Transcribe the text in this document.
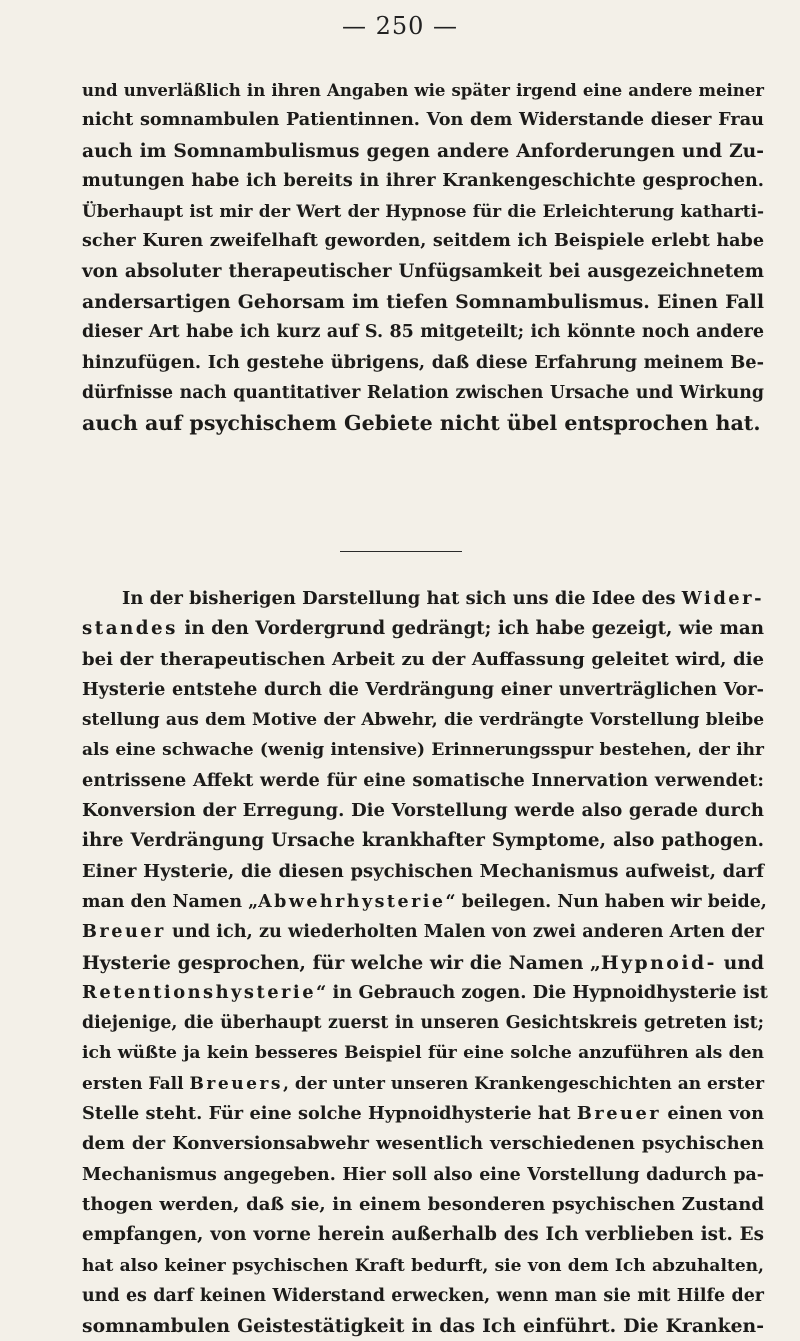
— 250 —
und unverläßlich in ihren Angaben wie später irgend eine andere meiner
nicht somnambulen Patientinnen. Von dem Widerstande dieser Frau
auch im Somnambulismus gegen andere Anforderungen und Zu-
mutungen habe ich bereits in ihrer Krankengeschichte gesprochen.
Überhaupt ist mir der Wert der Hypnose für die Erleichterung katharti-
scher Kuren zweifelhaft geworden, seitdem ich Beispiele erlebt habe
von absoluter therapeutischer Unfügsamkeit bei ausgezeichnetem
andersartigen Gehorsam im tiefen Somnambulismus. Einen Fall
dieser Art habe ich kurz auf S. 85 mitgeteilt; ich könnte noch andere
hinzufügen. Ich gestehe übrigens, daß diese Erfahrung meinem Be-
dürfnisse nach quantitativer Relation zwischen Ursache und Wirkung
auch auf psychischem Gebiete nicht übel entsprochen hat.
In der bisherigen Darstellung hat sich uns die Idee des Wider-
standes in den Vordergrund gedrängt; ich habe gezeigt, wie man
bei der therapeutischen Arbeit zu der Auffassung geleitet wird, die
Hysterie entstehe durch die Verdrängung einer unverträglichen Vor-
stellung aus dem Motive der Abwehr, die verdrängte Vorstellung bleibe
als eine schwache (wenig intensive) Erinnerungsspur bestehen, der ihr
entrissene Affekt werde für eine somatische Innervation verwendet:
Konversion der Erregung. Die Vorstellung werde also gerade durch
ihre Verdrängung Ursache krankhafter Symptome, also pathogen.
Einer Hysterie, die diesen psychischen Mechanismus aufweist, darf
man den Namen „Abwehrhysterie“ beilegen. Nun haben wir beide,
Breuer und ich, zu wiederholten Malen von zwei anderen Arten der
Hysterie gesprochen, für welche wir die Namen „Hypnoid- und
Retentionshysterie“ in Gebrauch zogen. Die Hypnoidhysterie ist
diejenige, die überhaupt zuerst in unseren Gesichtskreis getreten ist;
ich wüßte ja kein besseres Beispiel für eine solche anzuführen als den
ersten Fall Breuers, der unter unseren Krankengeschichten an erster
Stelle steht. Für eine solche Hypnoidhysterie hat Breuer einen von
dem der Konversionsabwehr wesentlich verschiedenen psychischen
Mechanismus angegeben. Hier soll also eine Vorstellung dadurch pa-
thogen werden, daß sie, in einem besonderen psychischen Zustand
empfangen, von vorne herein außerhalb des Ich verblieben ist. Es
hat also keiner psychischen Kraft bedurft, sie von dem Ich abzuhalten,
und es darf keinen Widerstand erwecken, wenn man sie mit Hilfe der
somnambulen Geistestätigkeit in das Ich einführt. Die Kranken-
